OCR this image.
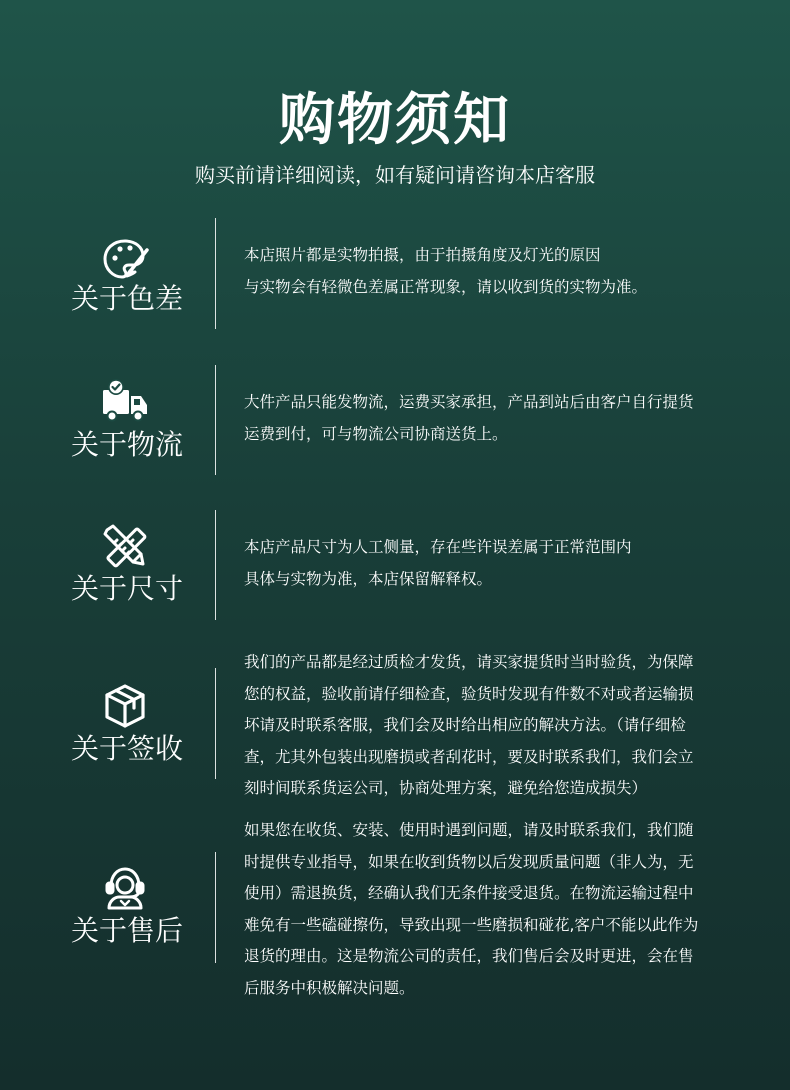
购物须知
购买前请详细阅读，如有疑问请咨询本店客服
关于色差

本店照片都是实物拍摄，由于拍摄角度及灯光的原因

与实物会有轻微色差属正常现象，请以收到货的实物为准。

关于物流

大件产品只能发物流，运费买家承担，产品到站后由客户自行提货

运费到付，可与物流公司协商送货上。

关于尺寸

本店产品尺寸为人工侧量，存在些许误差属于正常范围内

具体与实物为准，本店保留解释权。

关于签收

我们的产品都是经过质检才发货，请买家提货时当时验货，为保障

您的权益，验收前请仔细检查，验货时发现有件数不对或者运输损

坏请及时联系客服，我们会及时给出相应的解决方法。（请仔细检

查，尤其外包装出现磨损或者刮花时，要及时联系我们，我们会立

刻时间联系货运公司，协商处理方案，避免给您造成损失）

关于售后

如果您在收货、安装、使用时遇到问题，请及时联系我们，我们随

时提供专业指导，如果在收到货物以后发现质量问题（非人为，无

使用）需退换货，经确认我们无条件接受退货。在物流运输过程中

难免有一些磕碰擦伤，导致出现一些磨损和碰花,客户不能以此作为

退货的理由。这是物流公司的责任，我们售后会及时更进，会在售

后服务中积极解决问题。
